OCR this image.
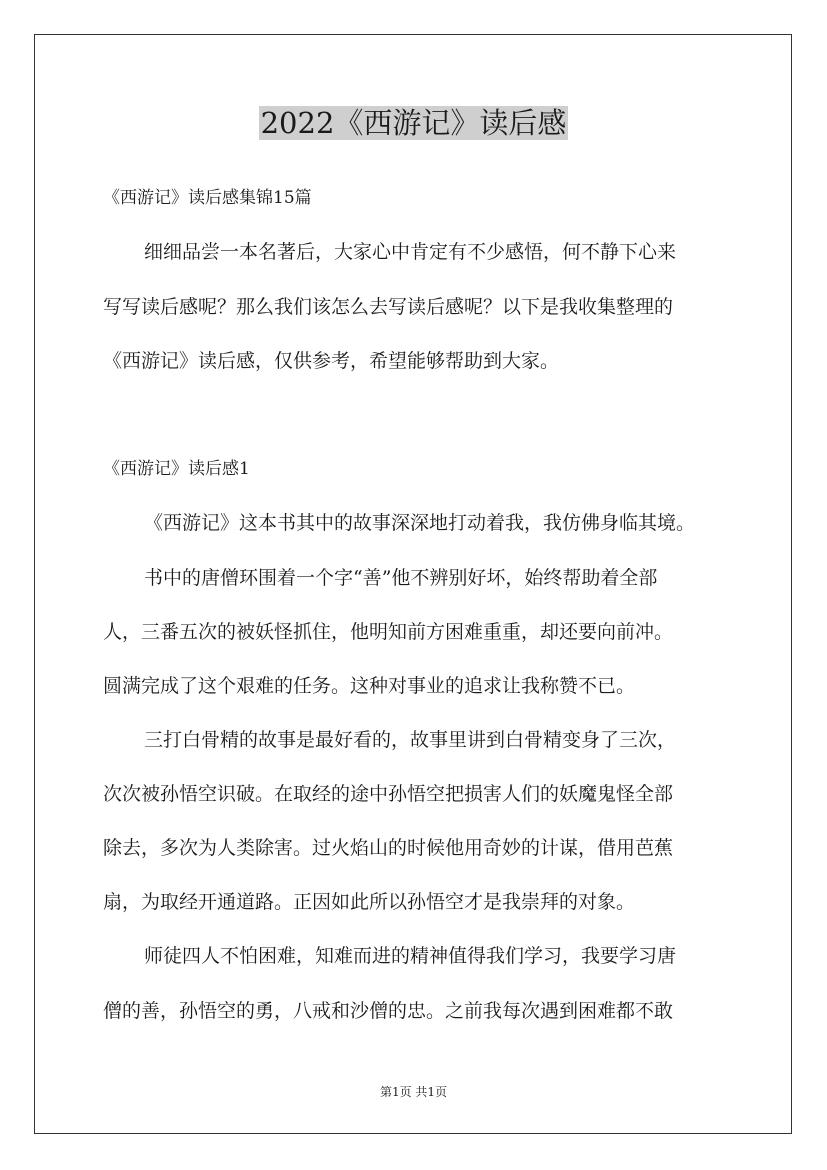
2022《西游记》读后感
《西游记》读后感集锦15篇
细细品尝一本名著后，大家心中肯定有不少感悟，何不静下心来
写写读后感呢？那么我们该怎么去写读后感呢？以下是我收集整理的
《西游记》读后感，仅供参考，希望能够帮助到大家。
《西游记》读后感1
《西游记》这本书其中的故事深深地打动着我，我仿佛身临其境。
书中的唐僧环围着一个字“善”他不辨别好坏，始终帮助着全部
人，三番五次的被妖怪抓住，他明知前方困难重重，却还要向前冲。
圆满完成了这个艰难的任务。这种对事业的追求让我称赞不已。
三打白骨精的故事是最好看的，故事里讲到白骨精变身了三次，
次次被孙悟空识破。在取经的途中孙悟空把损害人们的妖魔鬼怪全部
除去，多次为人类除害。过火焰山的时候他用奇妙的计谋，借用芭蕉
扇，为取经开通道路。正因如此所以孙悟空才是我崇拜的对象。
师徒四人不怕困难，知难而进的精神值得我们学习，我要学习唐
僧的善，孙悟空的勇，八戒和沙僧的忠。之前我每次遇到困难都不敢
第1页 共1页
